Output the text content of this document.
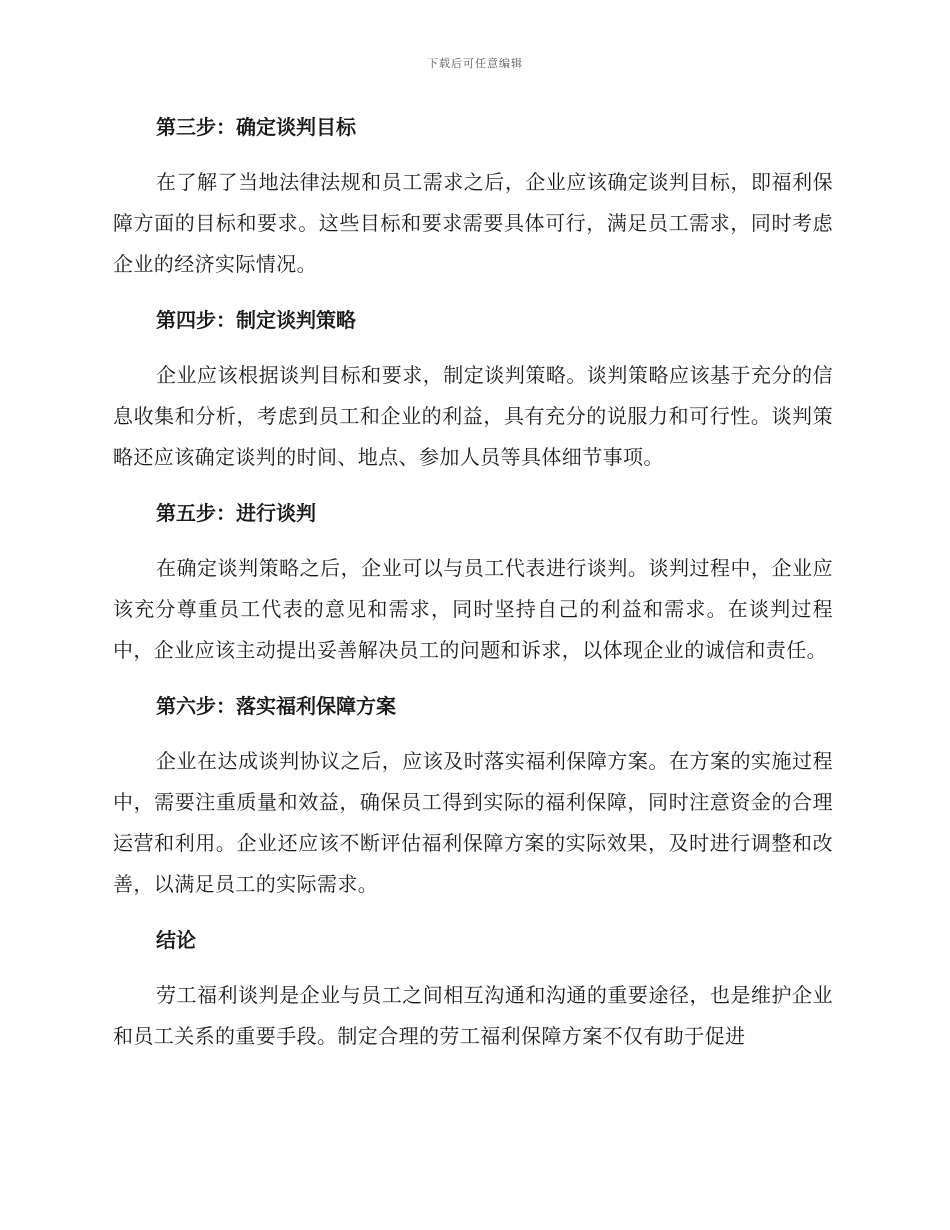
下载后可任意编辑
第三步：确定谈判目标

在了解了当地法律法规和员工需求之后，企业应该确定谈判目标，即福利保障方面的目标和要求。这些目标和要求需要具体可行，满足员工需求，同时考虑企业的经济实际情况。

第四步：制定谈判策略

企业应该根据谈判目标和要求，制定谈判策略。谈判策略应该基于充分的信息收集和分析，考虑到员工和企业的利益，具有充分的说服力和可行性。谈判策略还应该确定谈判的时间、地点、参加人员等具体细节事项。

第五步：进行谈判

在确定谈判策略之后，企业可以与员工代表进行谈判。谈判过程中，企业应该充分尊重员工代表的意见和需求，同时坚持自己的利益和需求。在谈判过程中，企业应该主动提出妥善解决员工的问题和诉求，以体现企业的诚信和责任。

第六步：落实福利保障方案

企业在达成谈判协议之后，应该及时落实福利保障方案。在方案的实施过程中，需要注重质量和效益，确保员工得到实际的福利保障，同时注意资金的合理运营和利用。企业还应该不断评估福利保障方案的实际效果，及时进行调整和改善，以满足员工的实际需求。

结论

劳工福利谈判是企业与员工之间相互沟通和沟通的重要途径，也是维护企业和员工关系的重要手段。制定合理的劳工福利保障方案不仅有助于促进
